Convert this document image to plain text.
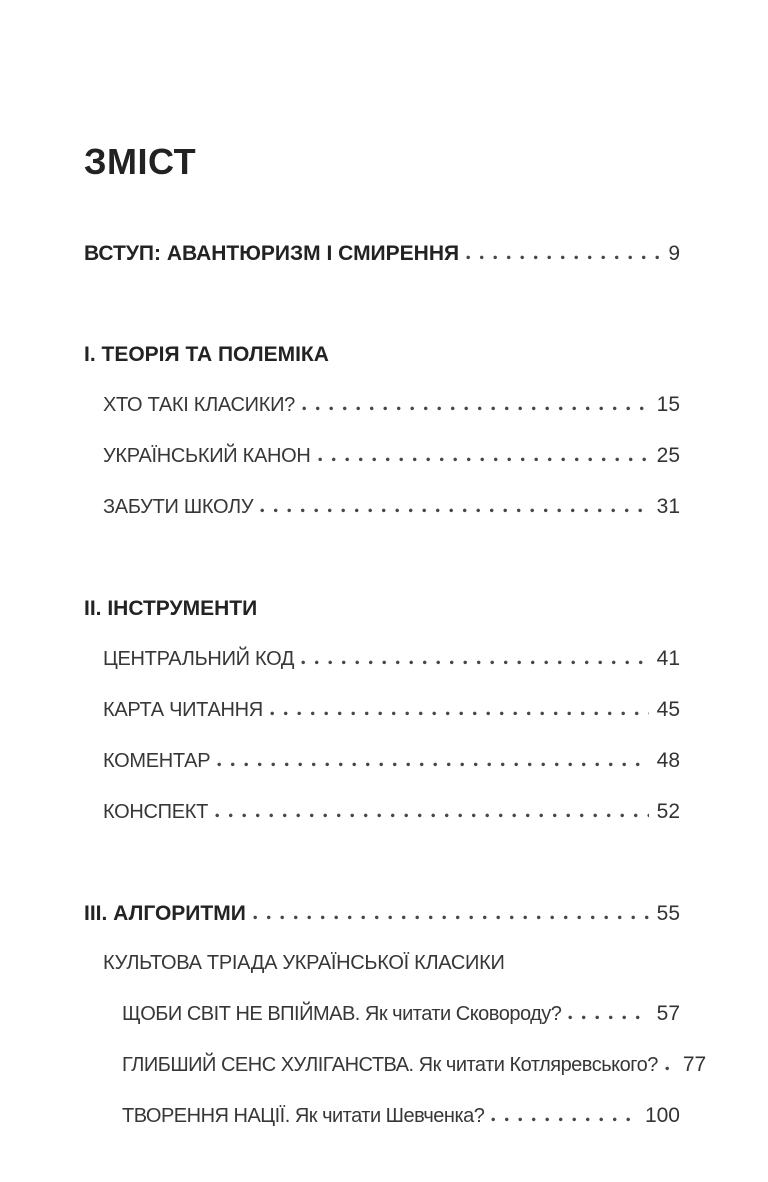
ЗМІСТ
ВСТУП: АВАНТЮРИЗМ І СМИРЕННЯ	9
І. ТЕОРІЯ ТА ПОЛЕМІКА
ХТО ТАКІ КЛАСИКИ?	15
УКРАЇНСЬКИЙ КАНОН	25
ЗАБУТИ ШКОЛУ	31
ІІ. ІНСТРУМЕНТИ
ЦЕНТРАЛЬНИЙ КОД	41
КАРТА ЧИТАННЯ	45
КОМЕНТАР	48
КОНСПЕКТ	52
ІІІ. АЛГОРИТМИ	55
КУЛЬТОВА ТРІАДА УКРАЇНСЬКОЇ КЛАСИКИ
ЩОБИ СВІТ НЕ ВПІЙМАВ. Як читати Сковороду?	57
ГЛИБШИЙ СЕНС ХУЛІГАНСТВА. Як читати Котляревського? 77
ТВОРЕННЯ НАЦІЇ. Як читати Шевченка?	100
